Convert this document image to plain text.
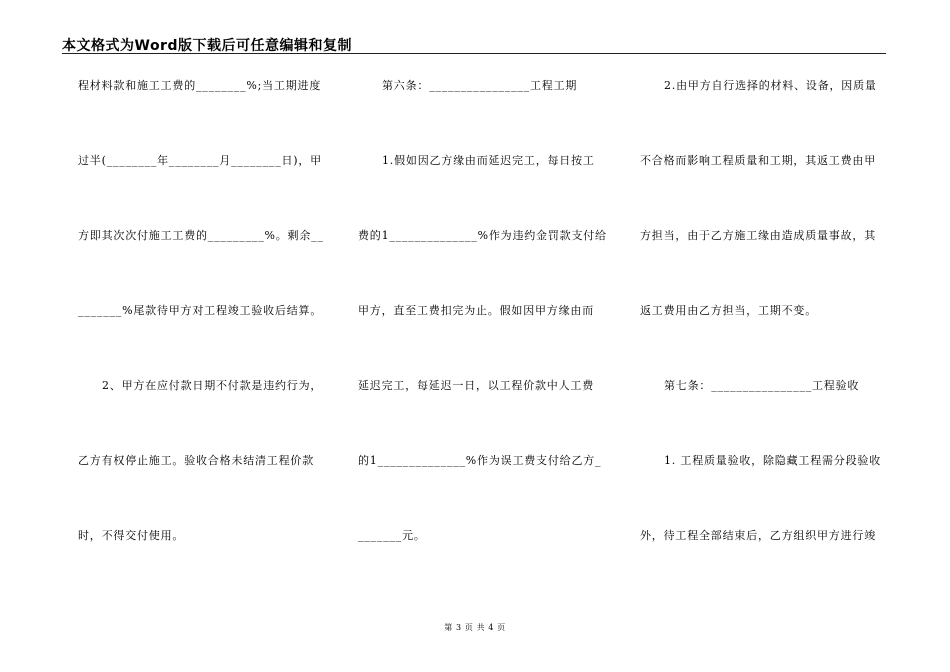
本文格式为Word版下载后可任意编辑和复制
程材料款和施工工费的________%;当工期进度
过半(________年________月________日)，甲
方即其次次付施工工费的_________%。剩余__
_______%尾款待甲方对工程竣工验收后结算。
2、甲方在应付款日期不付款是违约行为，
乙方有权停止施工。验收合格未结清工程价款
时，不得交付使用。
第六条：________________工程工期
1.假如因乙方缘由而延迟完工，每日按工
费的1______________%作为违约金罚款支付给
甲方，直至工费扣完为止。假如因甲方缘由而
延迟完工，每延迟一日，以工程价款中人工费
的1______________%作为误工费支付给乙方_
_______元。
2.由甲方自行选择的材料、设备，因质量
不合格而影响工程质量和工期，其返工费由甲
方担当，由于乙方施工缘由造成质量事故，其
返工费用由乙方担当，工期不变。
第七条：________________工程验收
1. 工程质量验收，除隐藏工程需分段验收
外，待工程全部结束后，乙方组织甲方进行竣
第 3 页 共 4 页
